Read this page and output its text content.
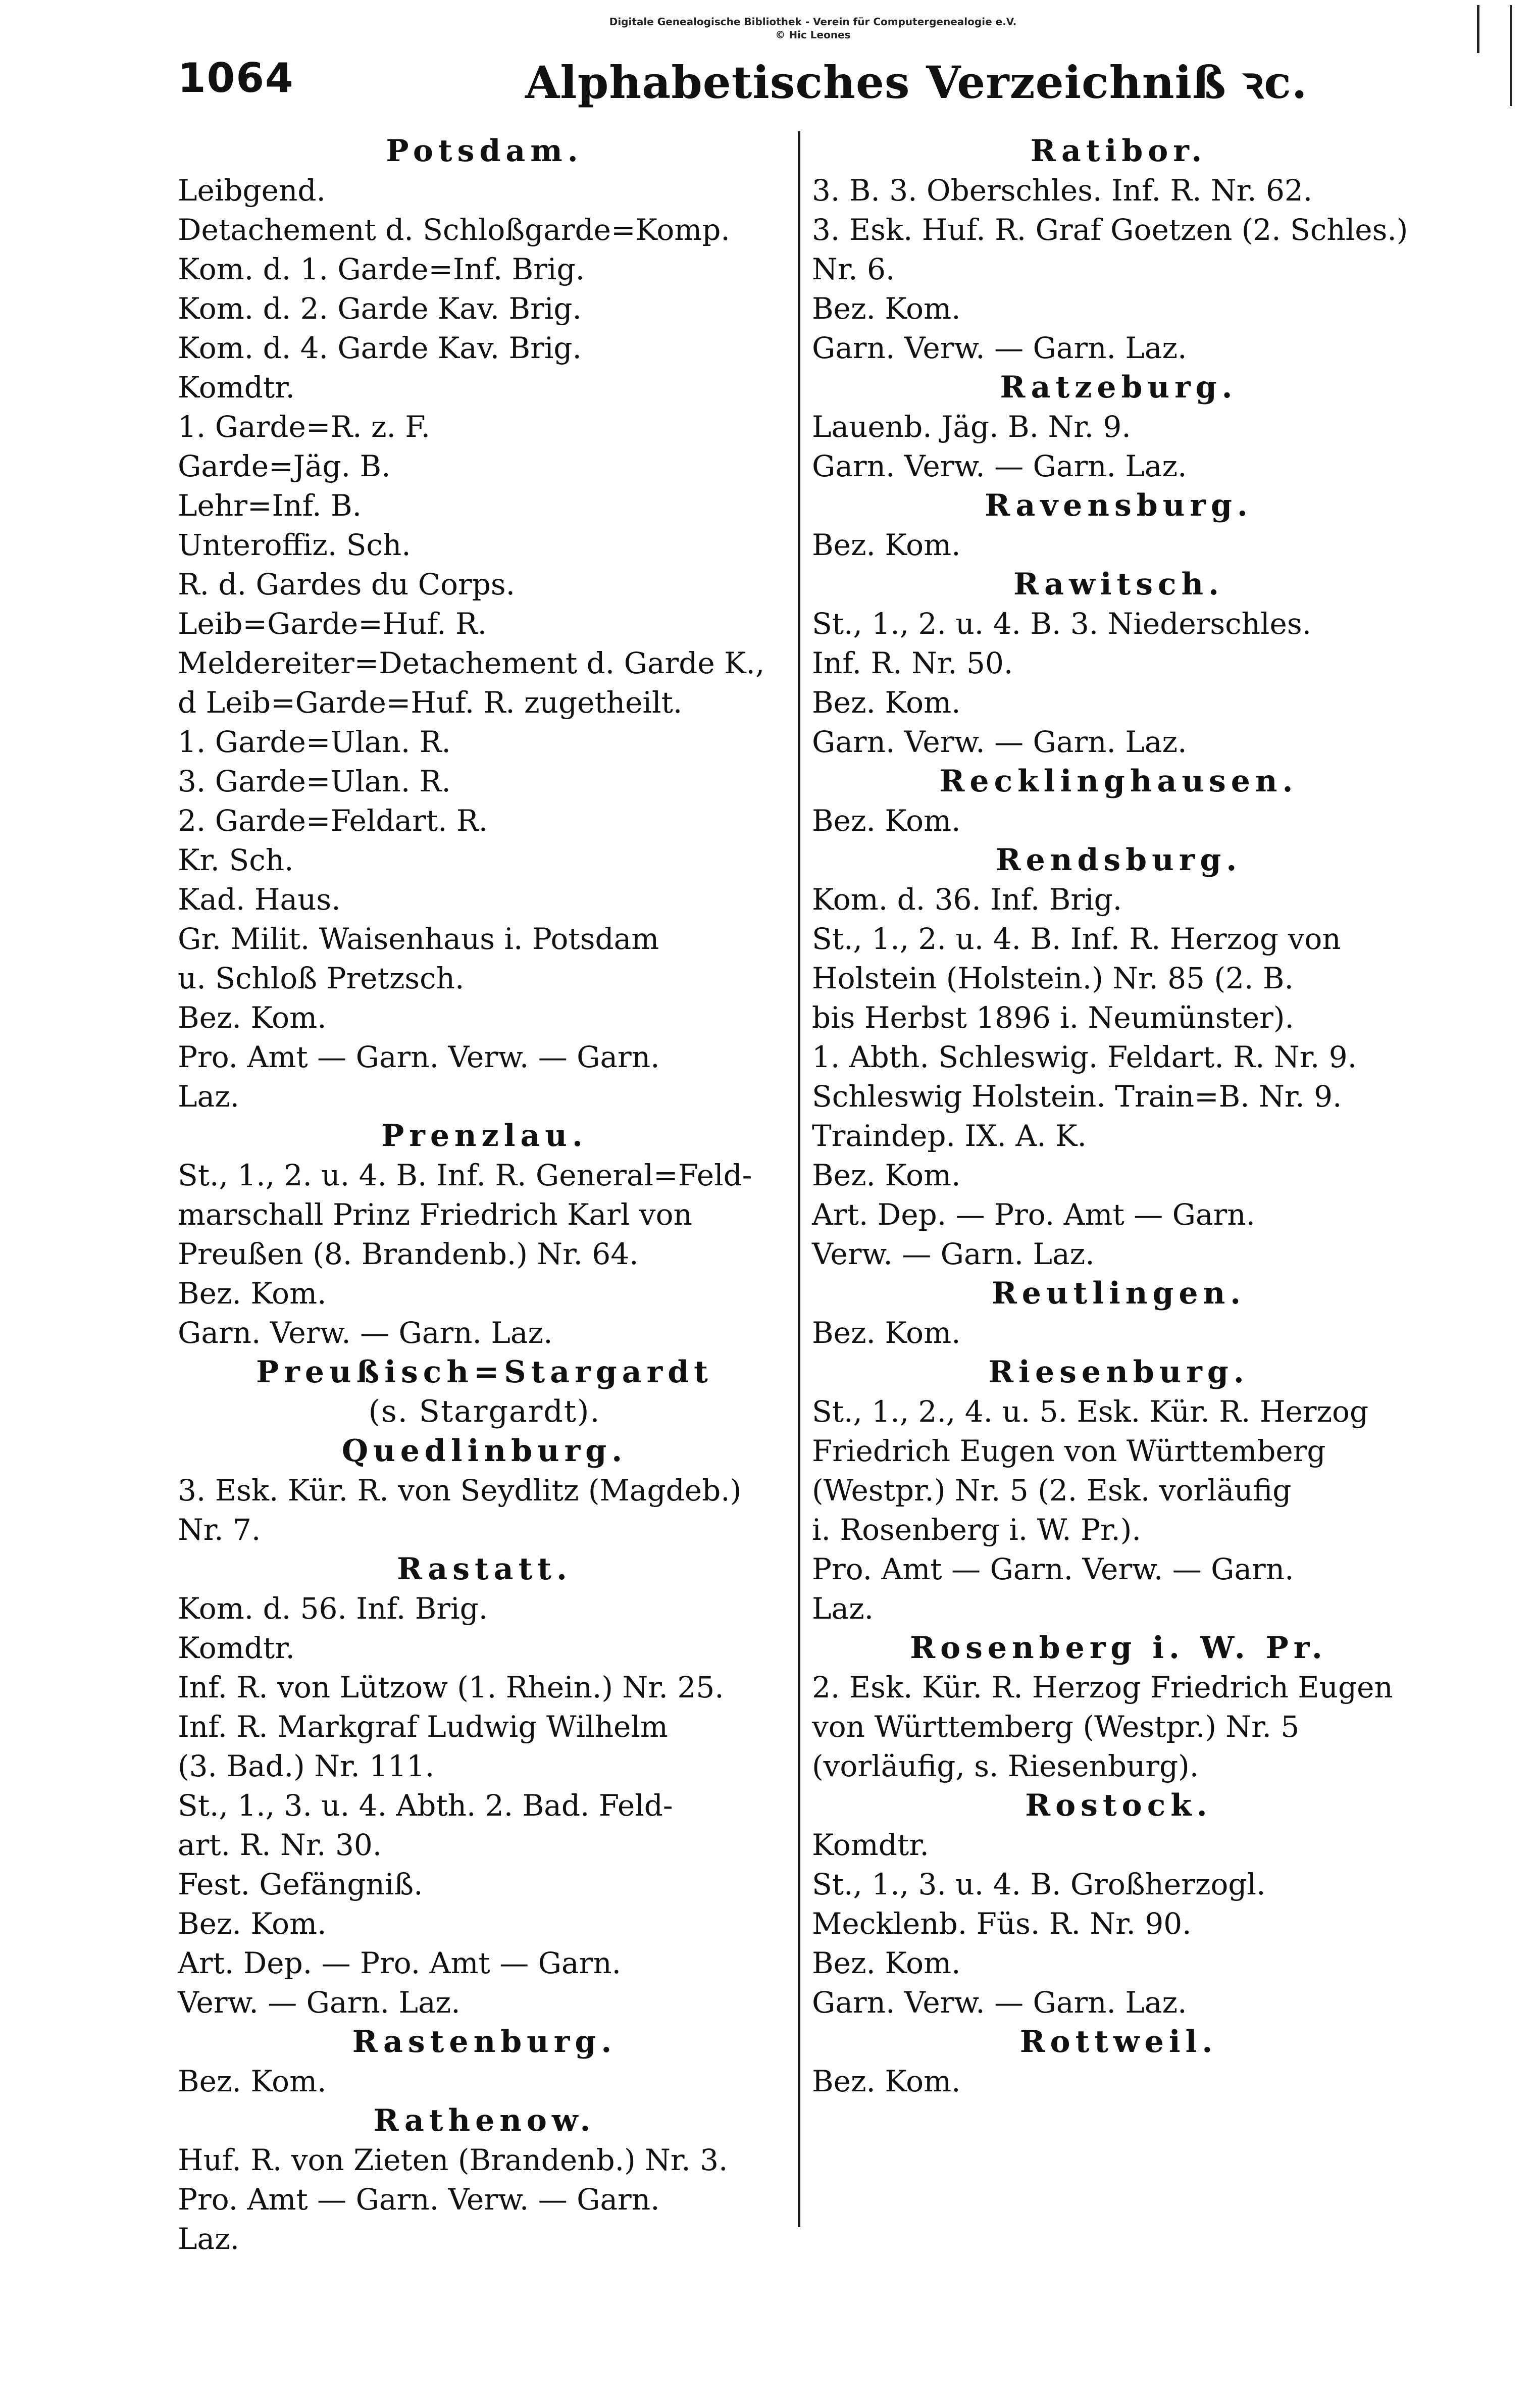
Digitale Genealogische Bibliothek - Verein für Computergenealogie e.V.
© Hic Leones
1064	Alphabetisches Verzeichniß ꝛc.
Potsdam.
Leibgend.
Detachement d. Schloßgarde=Komp.
Kom. d. 1. Garde=Inf. Brig.
Kom. d. 2. Garde Kav. Brig.
Kom. d. 4. Garde Kav. Brig.
Komdtr.
1. Garde=R. z. F.
Garde=Jäg. B.
Lehr=Inf. B.
Unteroffiz. Sch.
R. d. Gardes du Corps.
Leib=Garde=Huf. R.
Meldereiter=Detachement d. Garde K.,
d Leib=Garde=Huf. R. zugetheilt.
1. Garde=Ulan. R.
3. Garde=Ulan. R.
2. Garde=Feldart. R.
Kr. Sch.
Kad. Haus.
Gr. Milit. Waisenhaus i. Potsdam
u. Schloß Pretzsch.
Bez. Kom.
Pro. Amt — Garn. Verw. — Garn.
Laz.
Prenzlau.
St., 1., 2. u. 4. B. Inf. R. General=Feld-
marschall Prinz Friedrich Karl von
Preußen (8. Brandenb.) Nr. 64.
Bez. Kom.
Garn. Verw. — Garn. Laz.
Preußisch=Stargardt
(s. Stargardt).
Quedlinburg.
3. Esk. Kür. R. von Seydlitz (Magdeb.)
Nr. 7.
Rastatt.
Kom. d. 56. Inf. Brig.
Komdtr.
Inf. R. von Lützow (1. Rhein.) Nr. 25.
Inf. R. Markgraf Ludwig Wilhelm
(3. Bad.) Nr. 111.
St., 1., 3. u. 4. Abth. 2. Bad. Feld-
art. R. Nr. 30.
Fest. Gefängniß.
Bez. Kom.
Art. Dep. — Pro. Amt — Garn.
Verw. — Garn. Laz.
Rastenburg.
Bez. Kom.
Rathenow.
Huf. R. von Zieten (Brandenb.) Nr. 3.
Pro. Amt — Garn. Verw. — Garn.
Laz.
Ratibor.
3. B. 3. Oberschles. Inf. R. Nr. 62.
3. Esk. Huf. R. Graf Goetzen (2. Schles.)
Nr. 6.
Bez. Kom.
Garn. Verw. — Garn. Laz.
Ratzeburg.
Lauenb. Jäg. B. Nr. 9.
Garn. Verw. — Garn. Laz.
Ravensburg.
Bez. Kom.
Rawitsch.
St., 1., 2. u. 4. B. 3. Niederschles.
Inf. R. Nr. 50.
Bez. Kom.
Garn. Verw. — Garn. Laz.
Recklinghausen.
Bez. Kom.
Rendsburg.
Kom. d. 36. Inf. Brig.
St., 1., 2. u. 4. B. Inf. R. Herzog von
Holstein (Holstein.) Nr. 85 (2. B.
bis Herbst 1896 i. Neumünster).
1. Abth. Schleswig. Feldart. R. Nr. 9.
Schleswig Holstein. Train=B. Nr. 9.
Traindep. IX. A. K.
Bez. Kom.
Art. Dep. — Pro. Amt — Garn.
Verw. — Garn. Laz.
Reutlingen.
Bez. Kom.
Riesenburg.
St., 1., 2., 4. u. 5. Esk. Kür. R. Herzog
Friedrich Eugen von Württemberg
(Westpr.) Nr. 5 (2. Esk. vorläufig
i. Rosenberg i. W. Pr.).
Pro. Amt — Garn. Verw. — Garn.
Laz.
Rosenberg i. W. Pr.
2. Esk. Kür. R. Herzog Friedrich Eugen
von Württemberg (Westpr.) Nr. 5
(vorläufig, s. Riesenburg).
Rostock.
Komdtr.
St., 1., 3. u. 4. B. Großherzogl.
Mecklenb. Füs. R. Nr. 90.
Bez. Kom.
Garn. Verw. — Garn. Laz.
Rottweil.
Bez. Kom.
